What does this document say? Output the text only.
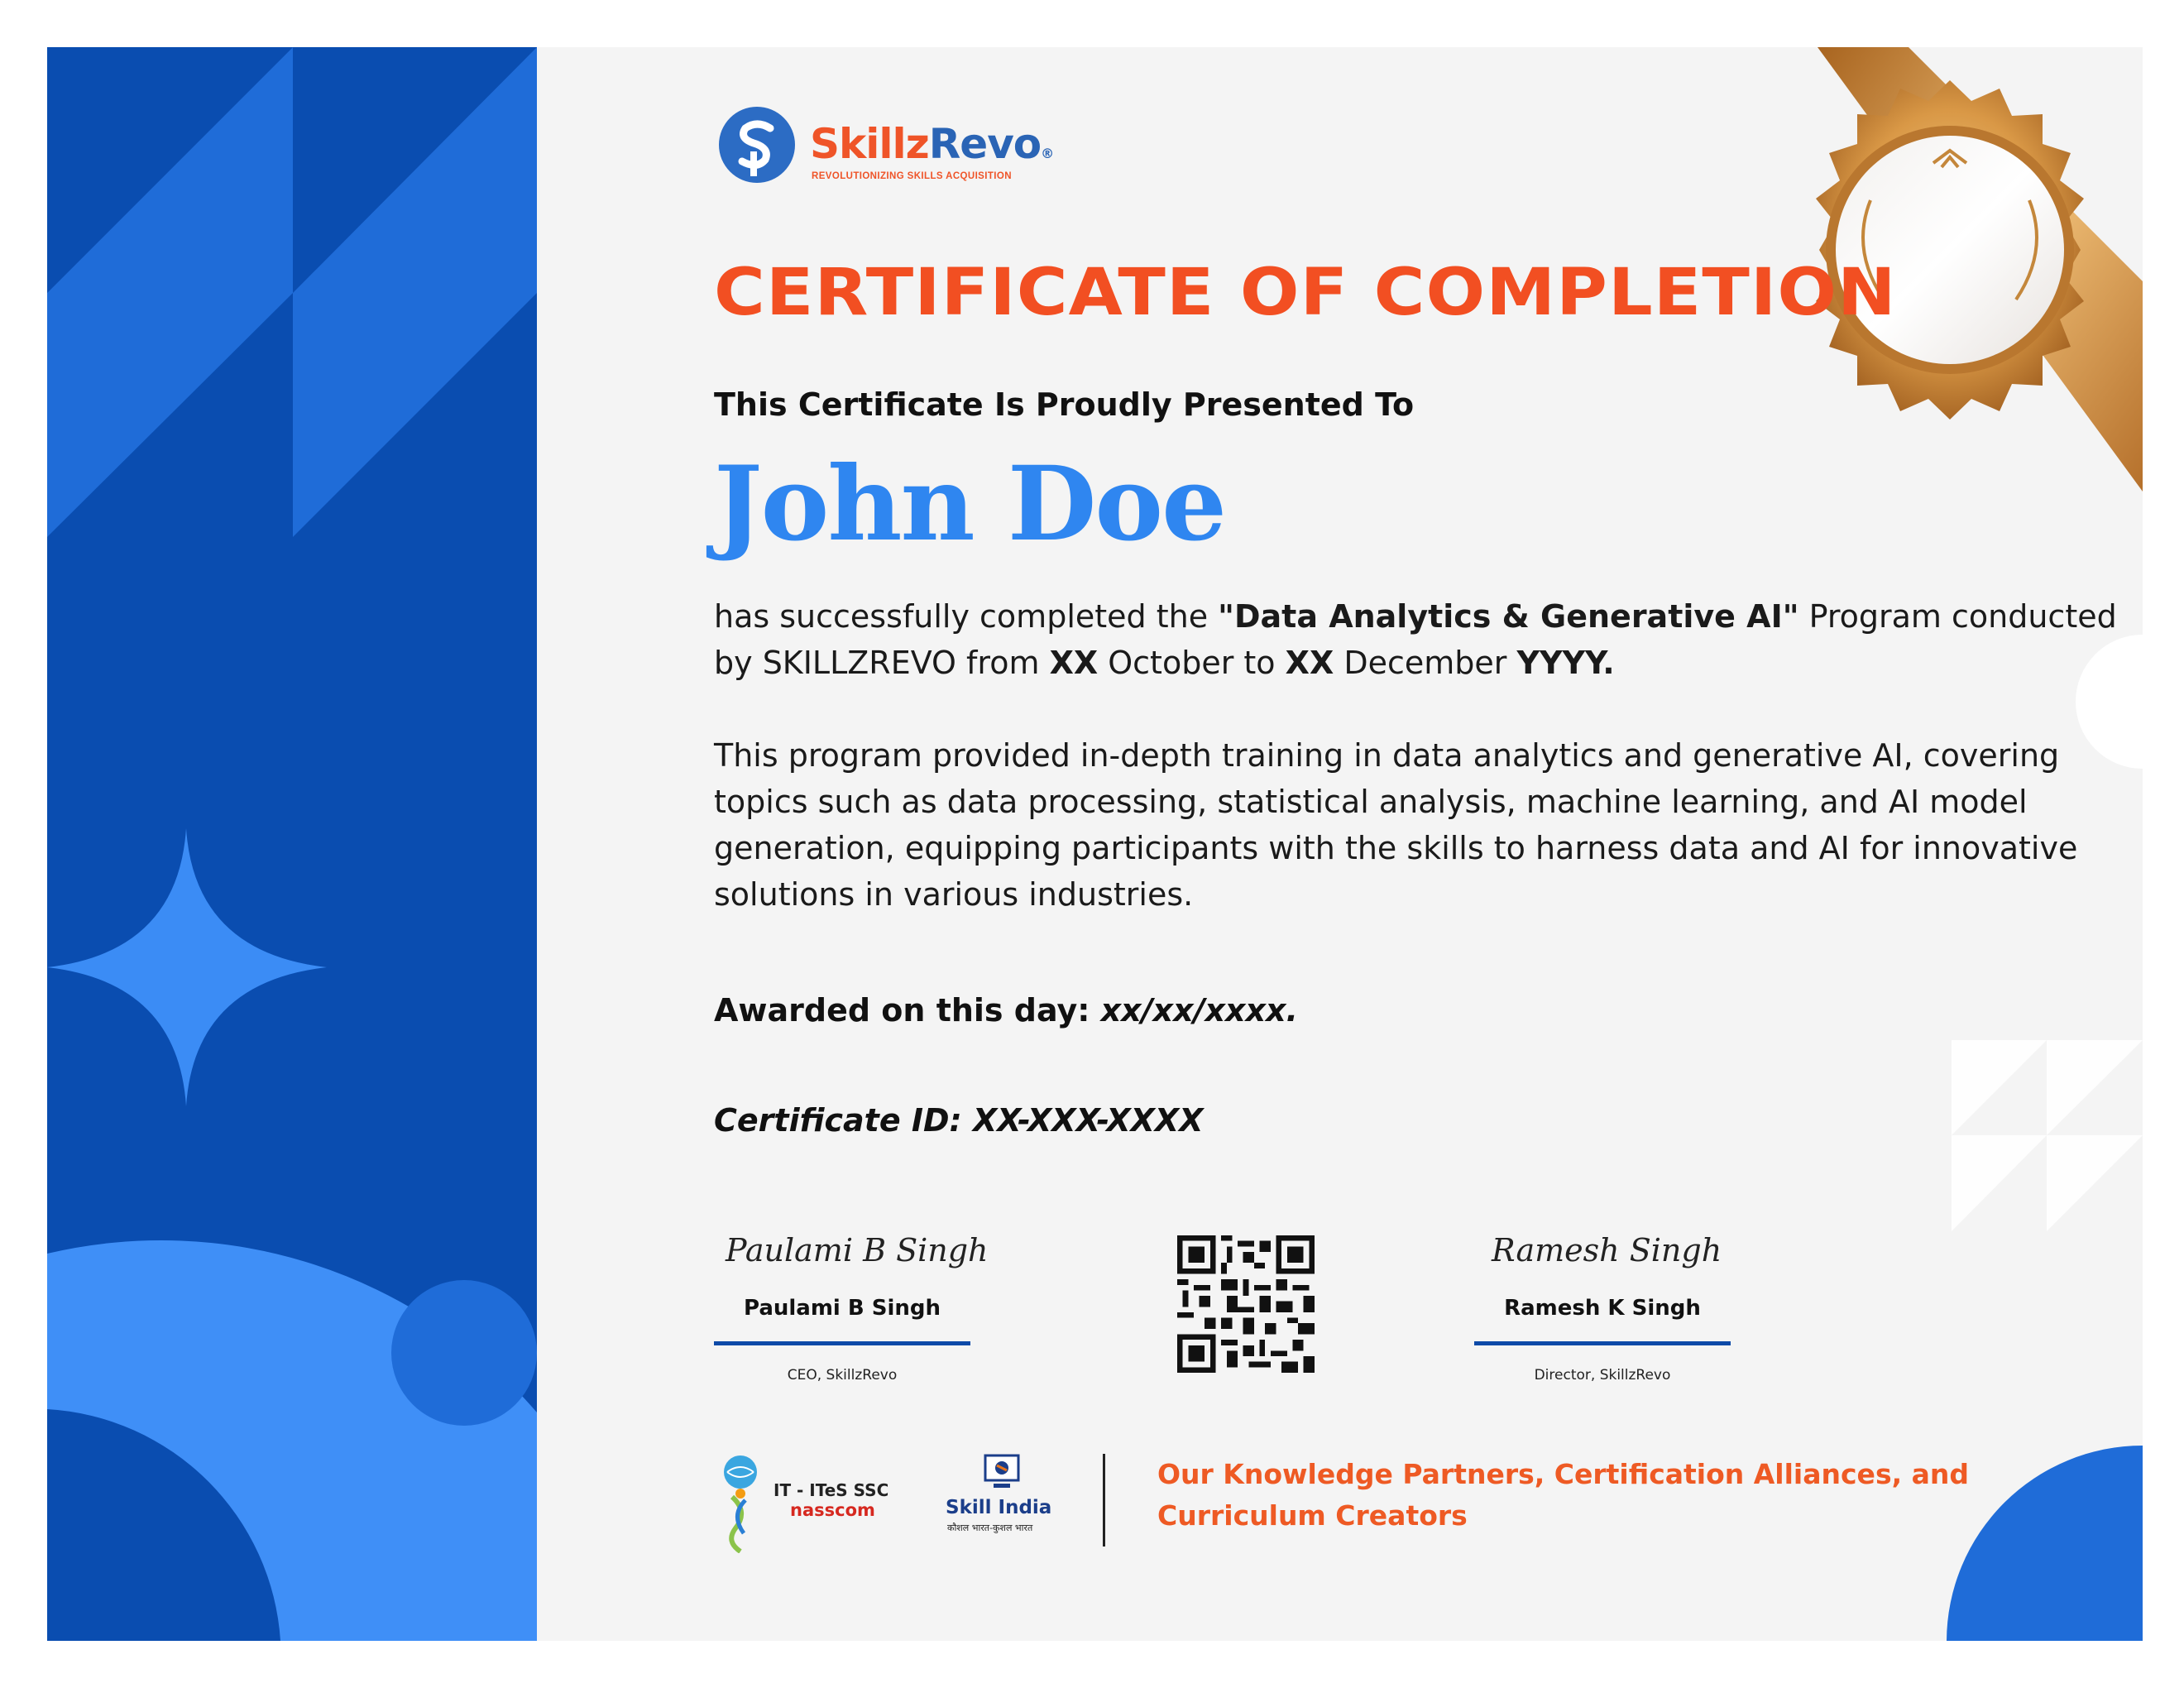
SkillzRevo®
REVOLUTIONIZING SKILLS ACQUISITION
CERTIFICATE OF COMPLETION
This Certificate Is Proudly Presented To
John Doe
has successfully completed the "Data Analytics & Generative AI" Program conducted by SKILLZREVO from XX October to XX December YYYY.
This program provided in-depth training in data analytics and generative AI, covering topics such as data processing, statistical analysis, machine learning, and AI model generation, equipping participants with the skills to harness data and AI for innovative solutions in various industries.
Awarded on this day: xx/xx/xxxx.
Certificate ID: XX-XXX-XXXX
Paulami B Singh
Paulami B Singh
CEO, SkillzRevo
Ramesh Singh
Ramesh K Singh
Director, SkillzRevo
IT - ITeS SSC
nasscom	Skill India
कौशल भारत-कुशल भारत
Our Knowledge Partners, Certification Alliances, and Curriculum Creators
